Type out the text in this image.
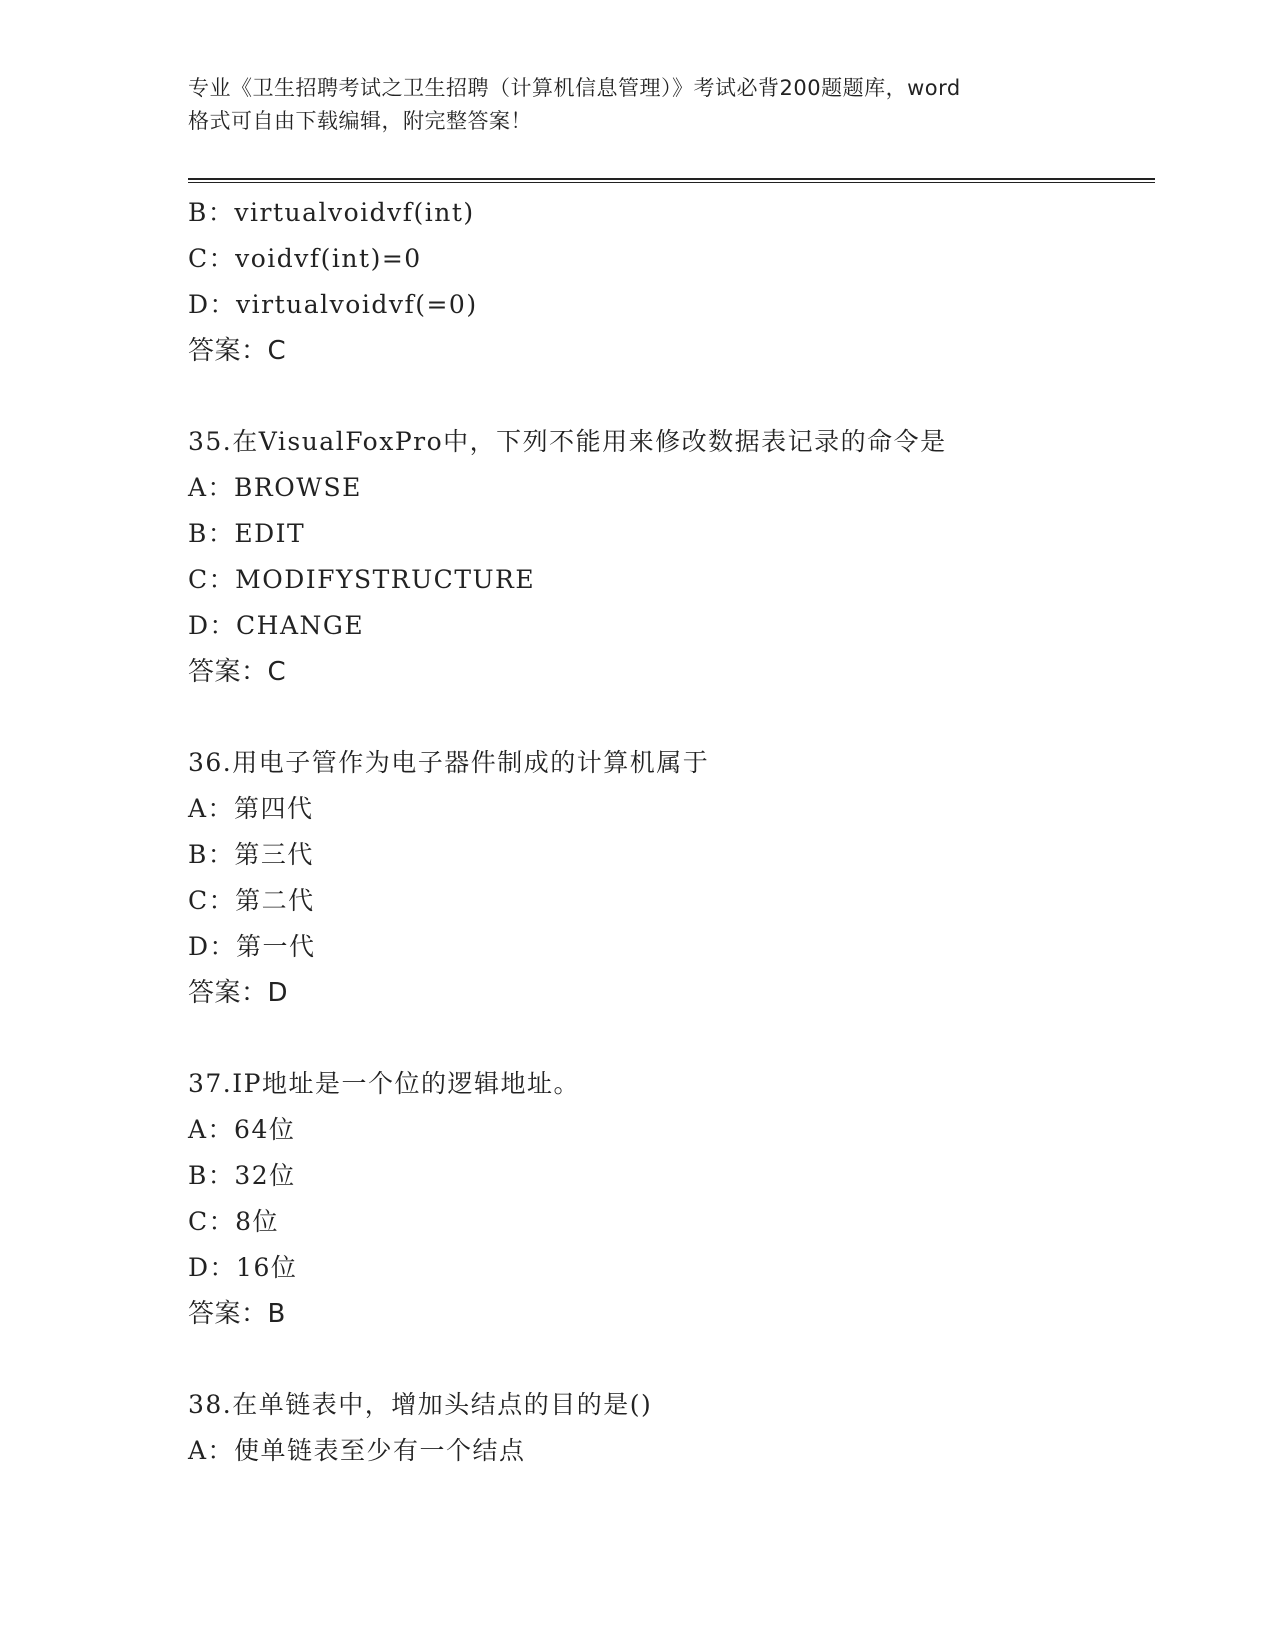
专业《卫生招聘考试之卫生招聘（计算机信息管理）》考试必背200题题库，word
格式可自由下载编辑，附完整答案！
B：virtualvoidvf(int)
C：voidvf(int)=0
D：virtualvoidvf(=0)
答案：C
35.在VisualFoxPro中，下列不能用来修改数据表记录的命令是
A：BROWSE
B：EDIT
C：MODIFYSTRUCTURE
D：CHANGE
答案：C
36.用电子管作为电子器件制成的计算机属于
A：第四代
B：第三代
C：第二代
D：第一代
答案：D
37.IP地址是一个位的逻辑地址。
A：64位
B：32位
C：8位
D：16位
答案：B
38.在单链表中，增加头结点的目的是()
A：使单链表至少有一个结点
